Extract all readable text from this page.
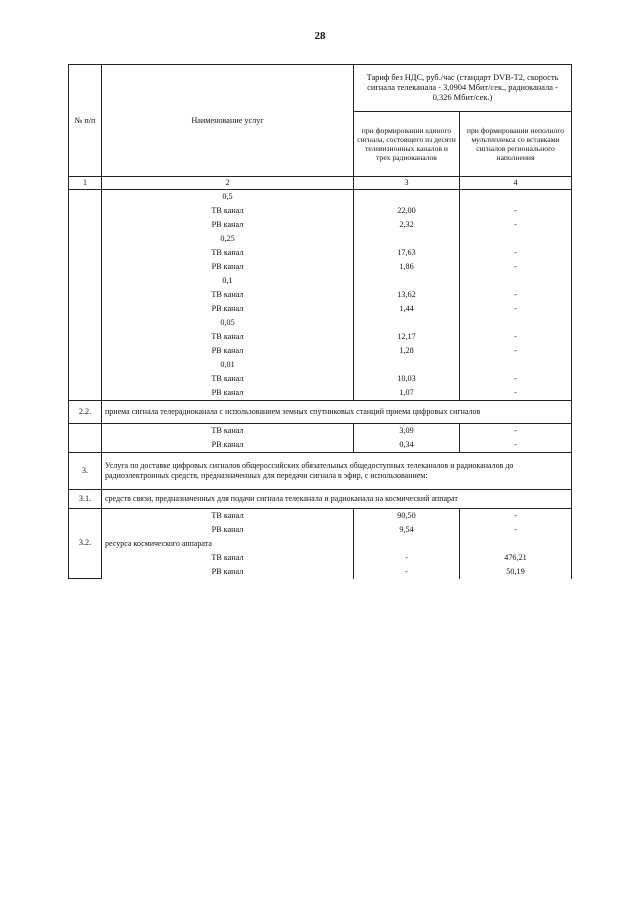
28
№ п/п	Наименование услуг	Тариф без НДС, руб./час (стандарт DVB-T2, скорость сигнала телеканала - 3,0904 Мбит/сек., радиоканала - 0,326 Мбит/сек.)	
		при формировании единого сигнала, состоящего из десяти телевизионных каналов и трех радиоканалов	при формировании неполного мультиплекса со вставками сигналов регионального наполнения
1	2	3	4
	0,5		
	ТВ канал	22,00	-
	РВ канал	2,32	-
	0,25		
	ТВ канал	17,63	-
	РВ канал	1,86	-
	0,1		
	ТВ канал	13,62	-
	РВ канал	1,44	-
	0,05		
	ТВ канал	12,17	-
	РВ канал	1,28	-
	0,01		
	ТВ канал	10,03	-
	РВ канал	1,07	-
2.2.	приема сигнала телерадиоканала с использованием земных спутниковых станций приема цифровых сигналов		
	ТВ канал	3,09	-
	РВ канал	0,34	-
3.	Услуга по доставке цифровых сигналов общероссийских обязательных общедоступных телеканалов и радиоканалов до радиоэлектронных средств, предназначенных для передачи сигнала в эфир, с использованием:		
3.1.	средств связи, предназначенных для подачи сигнала телеканала и радиоканала на космический аппарат		
3.2.	ТВ канал	90,50	-
	РВ канал	9,54	-
	ресурса космического аппарата		
	ТВ канал	-	476,21
	РВ канал	-	50,19
